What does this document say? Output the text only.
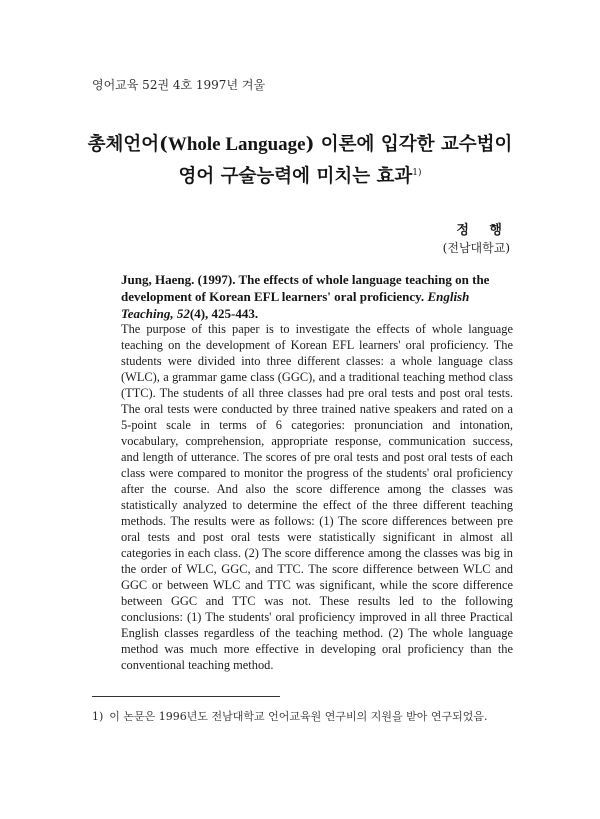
영어교육 52권 4호 1997년 겨울
총체언어(Whole Language) 이론에 입각한 교수법이
영어 구술능력에 미치는 효과$^{1)}$
정 행
(전남대학교)
Jung, Haeng. (1997). The effects of whole language teaching on the development of Korean EFL learners' oral proficiency. English Teaching, 52(4), 425-443.
The purpose of this paper is to investigate the effects of whole language teaching on the development of Korean EFL learners' oral proficiency. The students were divided into three different classes: a whole language class (WLC), a grammar game class (GGC), and a traditional teaching method class (TTC). The students of all three classes had pre oral tests and post oral tests. The oral tests were conducted by three trained native speakers and rated on a 5-point scale in terms of 6 categories: pronunciation and intonation, vocabulary, comprehension, appropriate response, communication success, and length of utterance. The scores of pre oral tests and post oral tests of each class were compared to monitor the progress of the students' oral proficiency after the course. And also the score difference among the classes was statistically analyzed to determine the effect of the three different teaching methods. The results were as follows: (1) The score differences between pre oral tests and post oral tests were statistically significant in almost all categories in each class. (2) The score difference among the classes was big in the order of WLC, GGC, and TTC. The score difference between WLC and GGC or between WLC and TTC was significant, while the score difference between GGC and TTC was not. These results led to the following conclusions: (1) The students' oral proficiency improved in all three Practical English classes regardless of the teaching method. (2) The whole language method was much more effective in developing oral proficiency than the conventional teaching method.
1) 이 논문은 1996년도 전남대학교 언어교육원 연구비의 지원을 받아 연구되었음.
